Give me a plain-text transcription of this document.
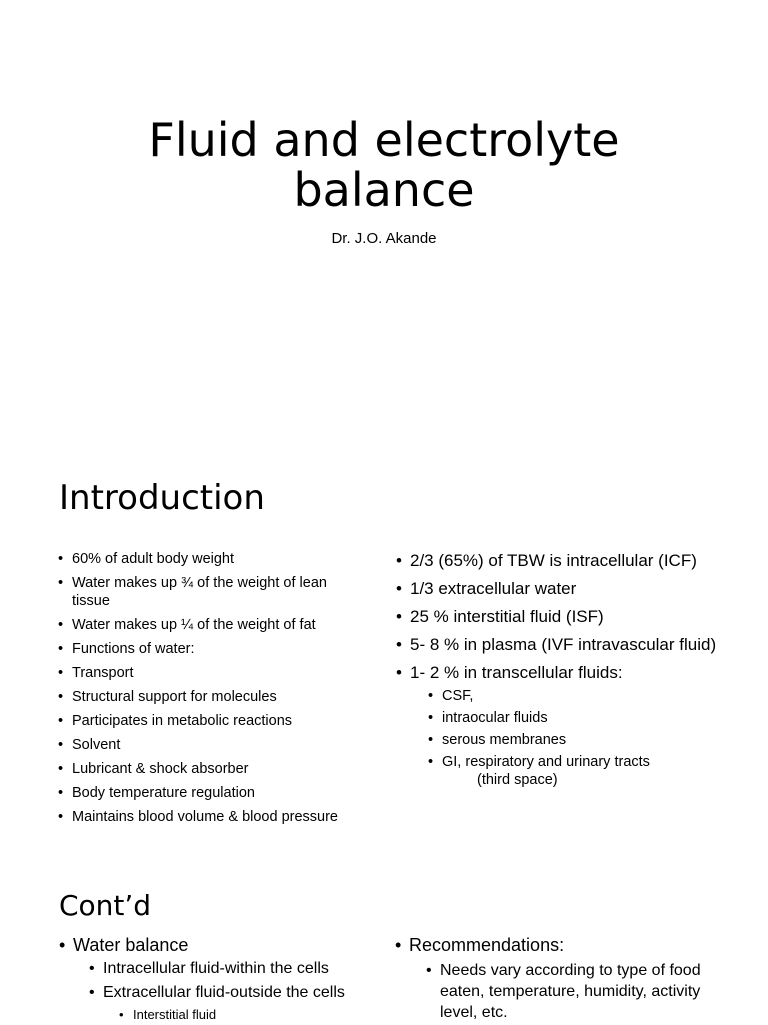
Fluid and electrolyte
balance
Dr. J.O. Akande
Introduction
• 60% of adult body weight
• Water makes up ¾ of the weight of lean tissue
• Water makes up ¼ of the weight of fat
• Functions of water:
• Transport
• Structural support for molecules
• Participates in metabolic reactions
• Solvent
• Lubricant & shock absorber
• Body temperature regulation
• Maintains blood volume & blood pressure
• 2/3 (65%) of TBW is intracellular (ICF)
• 1/3 extracellular water
• 25 % interstitial fluid (ISF)
• 5- 8 % in plasma (IVF intravascular fluid)
• 1- 2 % in transcellular fluids:
• CSF,
• intraocular fluids
• serous membranes
• GI, respiratory and urinary tracts
(third space)
Cont’d
• Water balance
• Intracellular fluid-within the cells
• Extracellular fluid-outside the cells
• Interstitial fluid
• Recommendations:
• Needs vary according to type of food eaten, temperature, humidity, activity level, etc.
